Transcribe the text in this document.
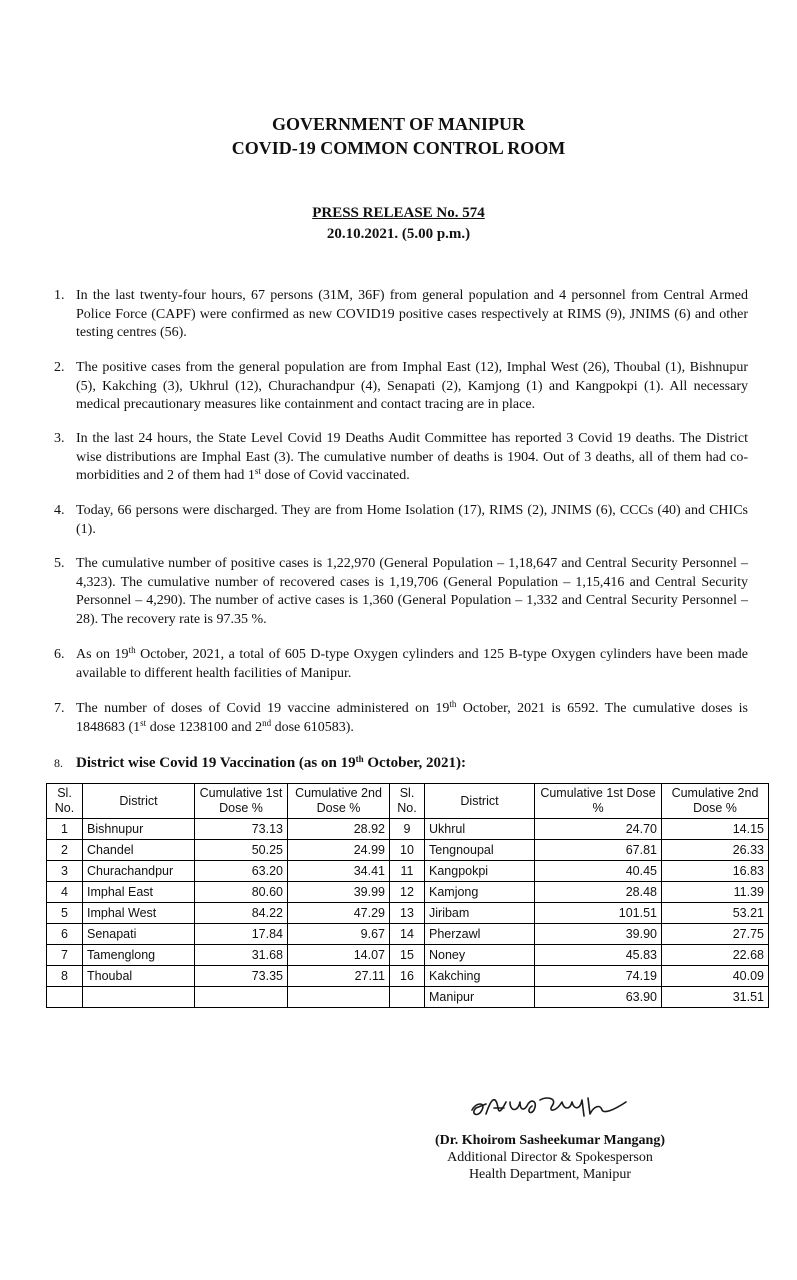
GOVERNMENT OF MANIPUR
COVID-19 COMMON CONTROL ROOM
PRESS RELEASE No. 574
20.10.2021. (5.00 p.m.)
1. In the last twenty-four hours, 67 persons (31M, 36F) from general population and 4 personnel from Central Armed Police Force (CAPF) were confirmed as new COVID19 positive cases respectively at RIMS (9), JNIMS (6) and other testing centres (56).
2. The positive cases from the general population are from Imphal East (12), Imphal West (26), Thoubal (1), Bishnupur (5), Kakching (3), Ukhrul (12), Churachandpur (4), Senapati (2), Kamjong (1) and Kangpokpi (1). All necessary medical precautionary measures like containment and contact tracing are in place.
3. In the last 24 hours, the State Level Covid 19 Deaths Audit Committee has reported 3 Covid 19 deaths. The District wise distributions are Imphal East (3). The cumulative number of deaths is 1904. Out of 3 deaths, all of them had co-morbidities and 2 of them had 1st dose of Covid vaccinated.
4. Today, 66 persons were discharged. They are from Home Isolation (17), RIMS (2), JNIMS (6), CCCs (40) and CHICs (1).
5. The cumulative number of positive cases is 1,22,970 (General Population – 1,18,647 and Central Security Personnel – 4,323). The cumulative number of recovered cases is 1,19,706 (General Population – 1,15,416 and Central Security Personnel – 4,290). The number of active cases is 1,360 (General Population – 1,332 and Central Security Personnel – 28). The recovery rate is 97.35 %.
6. As on 19th October, 2021, a total of 605 D-type Oxygen cylinders and 125 B-type Oxygen cylinders have been made available to different health facilities of Manipur.
7. The number of doses of Covid 19 vaccine administered on 19th October, 2021 is 6592. The cumulative doses is 1848683 (1st dose 1238100 and 2nd dose 610583).
8. District wise Covid 19 Vaccination (as on 19th October, 2021):
Sl. No.	District	Cumulative 1st Dose %	Cumulative 2nd Dose %	Sl. No.	District	Cumulative 1st Dose %	Cumulative 2nd Dose %
1	Bishnupur	73.13	28.92	9	Ukhrul	24.70	14.15
2	Chandel	50.25	24.99	10	Tengnoupal	67.81	26.33
3	Churachandpur	63.20	34.41	11	Kangpokpi	40.45	16.83
4	Imphal East	80.60	39.99	12	Kamjong	28.48	11.39
5	Imphal West	84.22	47.29	13	Jiribam	101.51	53.21
6	Senapati	17.84	9.67	14	Pherzawl	39.90	27.75
7	Tamenglong	31.68	14.07	15	Noney	45.83	22.68
8	Thoubal	73.35	27.11	16	Kakching	74.19	40.09
					Manipur	63.90	31.51
(Dr. Khoirom Sasheekumar Mangang)
Additional Director & Spokesperson
Health Department, Manipur
